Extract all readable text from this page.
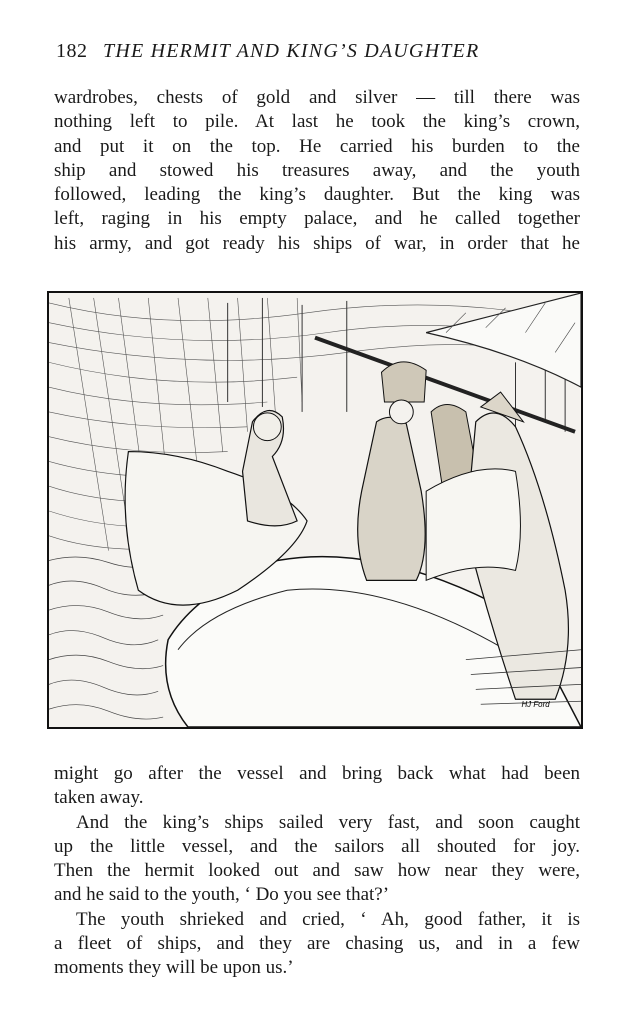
182 THE HERMIT AND KING’S DAUGHTER
wardrobes, chests of gold and silver — till there was
nothing left to pile. At last he took the king’s crown,
and put it on the top. He carried his burden to the
ship and stowed his treasures away, and the youth
followed, leading the king’s daughter. But the king was
left, raging in his empty palace, and he called together
his army, and got ready his ships of war, in order that he
HJ Ford
might go after the vessel and bring back what had been
taken away.
And the king’s ships sailed very fast, and soon caught
up the little vessel, and the sailors all shouted for joy.
Then the hermit looked out and saw how near they were,
and he said to the youth, ‘ Do you see that?’
The youth shrieked and cried, ‘ Ah, good father, it is
a fleet of ships, and they are chasing us, and in a few
moments they will be upon us.’
